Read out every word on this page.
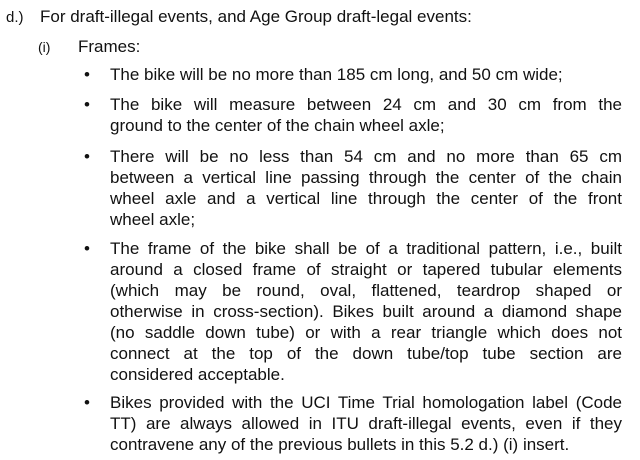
d.) For draft-illegal events, and Age Group draft-legal events:
(i) Frames:
• The bike will be no more than 185 cm long, and 50 cm wide;
• The bike will measure between 24 cm and 30 cm from the
ground to the center of the chain wheel axle;
• There will be no less than 54 cm and no more than 65 cm
between a vertical line passing through the center of the chain
wheel axle and a vertical line through the center of the front
wheel axle;
• The frame of the bike shall be of a traditional pattern, i.e., built
around a closed frame of straight or tapered tubular elements
(which may be round, oval, flattened, teardrop shaped or
otherwise in cross-section). Bikes built around a diamond shape
(no saddle down tube) or with a rear triangle which does not
connect at the top of the down tube/top tube section are
considered acceptable.
• Bikes provided with the UCI Time Trial homologation label (Code
TT) are always allowed in ITU draft-illegal events, even if they
contravene any of the previous bullets in this 5.2 d.) (i) insert.
